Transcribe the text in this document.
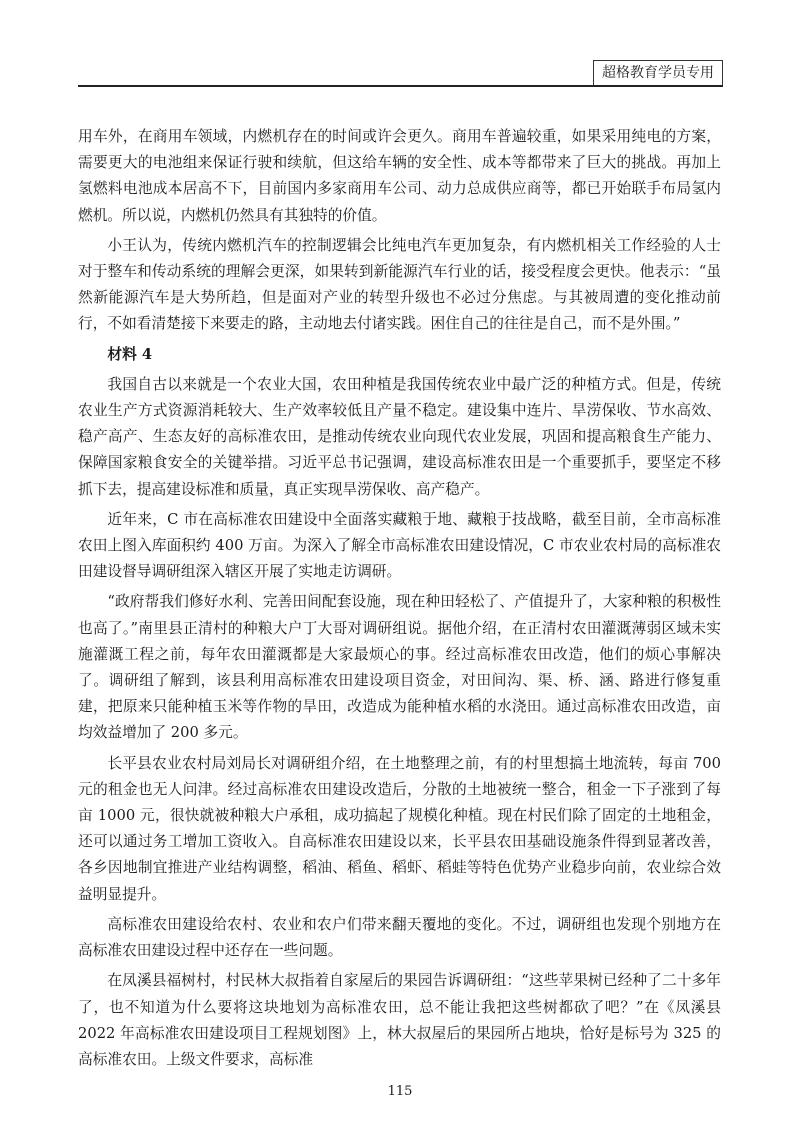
超格教育学员专用

用车外，在商用车领域，内燃机存在的时间或许会更久。商用车普遍较重，如果采用纯电的方案，需要更大的电池组来保证行驶和续航，但这给车辆的安全性、成本等都带来了巨大的挑战。再加上氢燃料电池成本居高不下，目前国内多家商用车公司、动力总成供应商等，都已开始联手布局氢内燃机。所以说，内燃机仍然具有其独特的价值。

小王认为，传统内燃机汽车的控制逻辑会比纯电汽车更加复杂，有内燃机相关工作经验的人士对于整车和传动系统的理解会更深，如果转到新能源汽车行业的话，接受程度会更快。他表示：“虽然新能源汽车是大势所趋，但是面对产业的转型升级也不必过分焦虑。与其被周遭的变化推动前行，不如看清楚接下来要走的路，主动地去付诸实践。困住自己的往往是自己，而不是外围。”

材料 4

我国自古以来就是一个农业大国，农田种植是我国传统农业中最广泛的种植方式。但是，传统农业生产方式资源消耗较大、生产效率较低且产量不稳定。建设集中连片、旱涝保收、节水高效、稳产高产、生态友好的高标准农田，是推动传统农业向现代农业发展，巩固和提高粮食生产能力、保障国家粮食安全的关键举措。习近平总书记强调，建设高标准农田是一个重要抓手，要坚定不移抓下去，提高建设标准和质量，真正实现旱涝保收、高产稳产。

近年来，C 市在高标准农田建设中全面落实藏粮于地、藏粮于技战略，截至目前，全市高标准农田上图入库面积约 400 万亩。为深入了解全市高标准农田建设情况，C 市农业农村局的高标准农田建设督导调研组深入辖区开展了实地走访调研。

“政府帮我们修好水利、完善田间配套设施，现在种田轻松了、产值提升了，大家种粮的积极性也高了。”南里县正清村的种粮大户丁大哥对调研组说。据他介绍，在正清村农田灌溉薄弱区域未实施灌溉工程之前，每年农田灌溉都是大家最烦心的事。经过高标准农田改造，他们的烦心事解决了。调研组了解到，该县利用高标准农田建设项目资金，对田间沟、渠、桥、涵、路进行修复重建，把原来只能种植玉米等作物的旱田，改造成为能种植水稻的水浇田。通过高标准农田改造，亩均效益增加了 200 多元。

长平县农业农村局刘局长对调研组介绍，在土地整理之前，有的村里想搞土地流转，每亩 700 元的租金也无人问津。经过高标准农田建设改造后，分散的土地被统一整合，租金一下子涨到了每亩 1000 元，很快就被种粮大户承租，成功搞起了规模化种植。现在村民们除了固定的土地租金，还可以通过务工增加工资收入。自高标准农田建设以来，长平县农田基础设施条件得到显著改善，各乡因地制宜推进产业结构调整，稻油、稻鱼、稻虾、稻蛙等特色优势产业稳步向前，农业综合效益明显提升。

高标准农田建设给农村、农业和农户们带来翻天覆地的变化。不过，调研组也发现个别地方在高标准农田建设过程中还存在一些问题。

在凤溪县福树村，村民林大叔指着自家屋后的果园告诉调研组：“这些苹果树已经种了二十多年了，也不知道为什么要将这块地划为高标准农田，总不能让我把这些树都砍了吧？”在《凤溪县 2022 年高标准农田建设项目工程规划图》上，林大叔屋后的果园所占地块，恰好是标号为 325 的高标准农田。上级文件要求，高标准

115
